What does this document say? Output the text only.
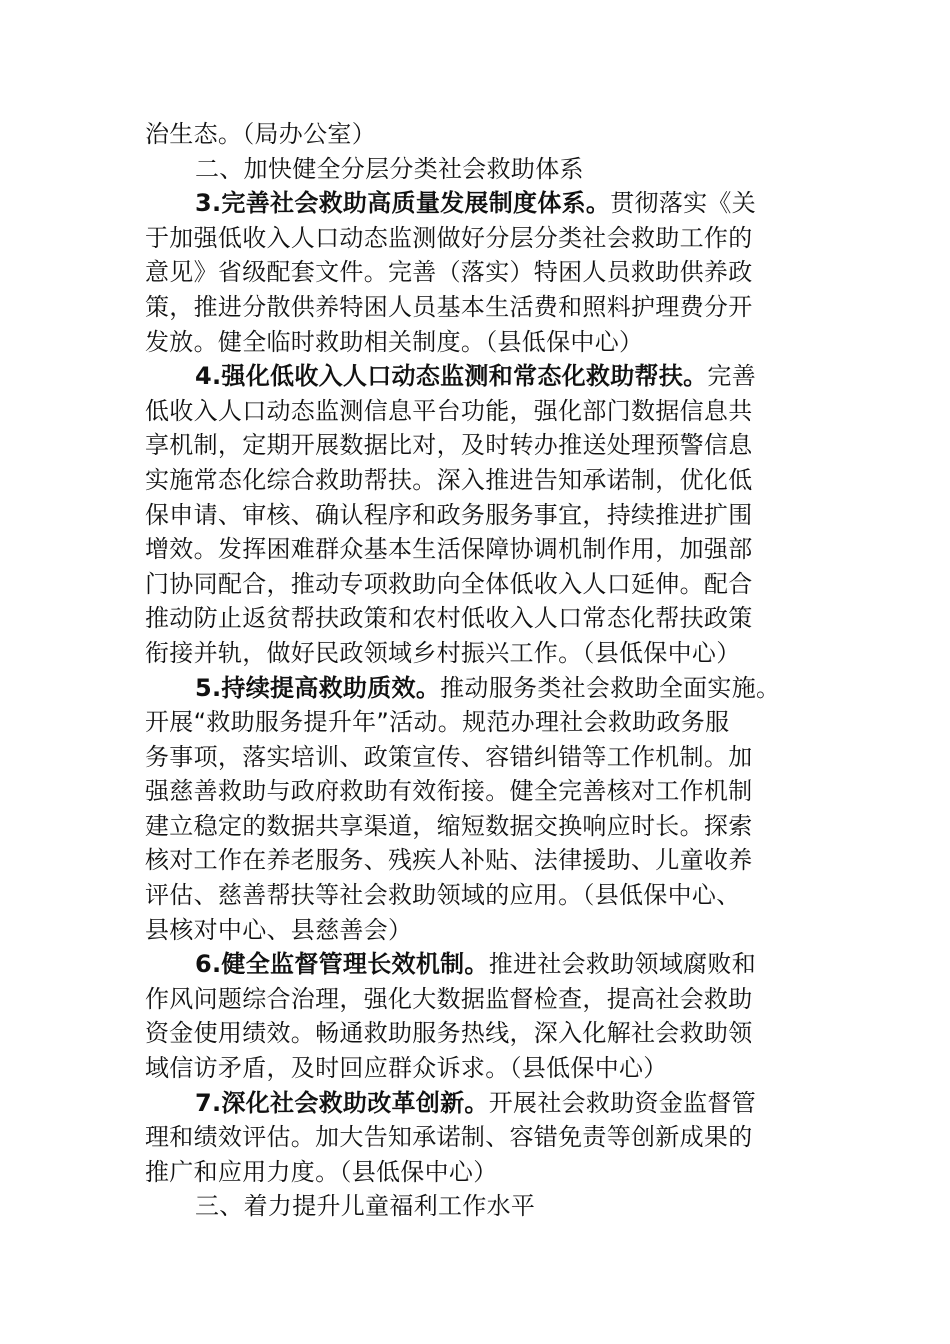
治生态。（局办公室）
二、加快健全分层分类社会救助体系
3.完善社会救助高质量发展制度体系。贯彻落实《关
于加强低收入人口动态监测做好分层分类社会救助工作的
意见》省级配套文件。完善（落实）特困人员救助供养政
策，推进分散供养特困人员基本生活费和照料护理费分开
发放。健全临时救助相关制度。（县低保中心）
4.强化低收入人口动态监测和常态化救助帮扶。完善
低收入人口动态监测信息平台功能，强化部门数据信息共
享机制，定期开展数据比对，及时转办推送处理预警信息
实施常态化综合救助帮扶。深入推进告知承诺制，优化低
保申请、审核、确认程序和政务服务事宜，持续推进扩围
增效。发挥困难群众基本生活保障协调机制作用，加强部
门协同配合，推动专项救助向全体低收入人口延伸。配合
推动防止返贫帮扶政策和农村低收入人口常态化帮扶政策
衔接并轨，做好民政领域乡村振兴工作。（县低保中心）
5.持续提高救助质效。推动服务类社会救助全面实施。
开展“救助服务提升年”活动。规范办理社会救助政务服
务事项，落实培训、政策宣传、容错纠错等工作机制。加
强慈善救助与政府救助有效衔接。健全完善核对工作机制
建立稳定的数据共享渠道，缩短数据交换响应时长。探索
核对工作在养老服务、残疾人补贴、法律援助、儿童收养
评估、慈善帮扶等社会救助领域的应用。（县低保中心、
县核对中心、县慈善会）
6.健全监督管理长效机制。推进社会救助领域腐败和
作风问题综合治理，强化大数据监督检查，提高社会救助
资金使用绩效。畅通救助服务热线，深入化解社会救助领
域信访矛盾，及时回应群众诉求。（县低保中心）
7.深化社会救助改革创新。开展社会救助资金监督管
理和绩效评估。加大告知承诺制、容错免责等创新成果的
推广和应用力度。（县低保中心）
三、着力提升儿童福利工作水平
